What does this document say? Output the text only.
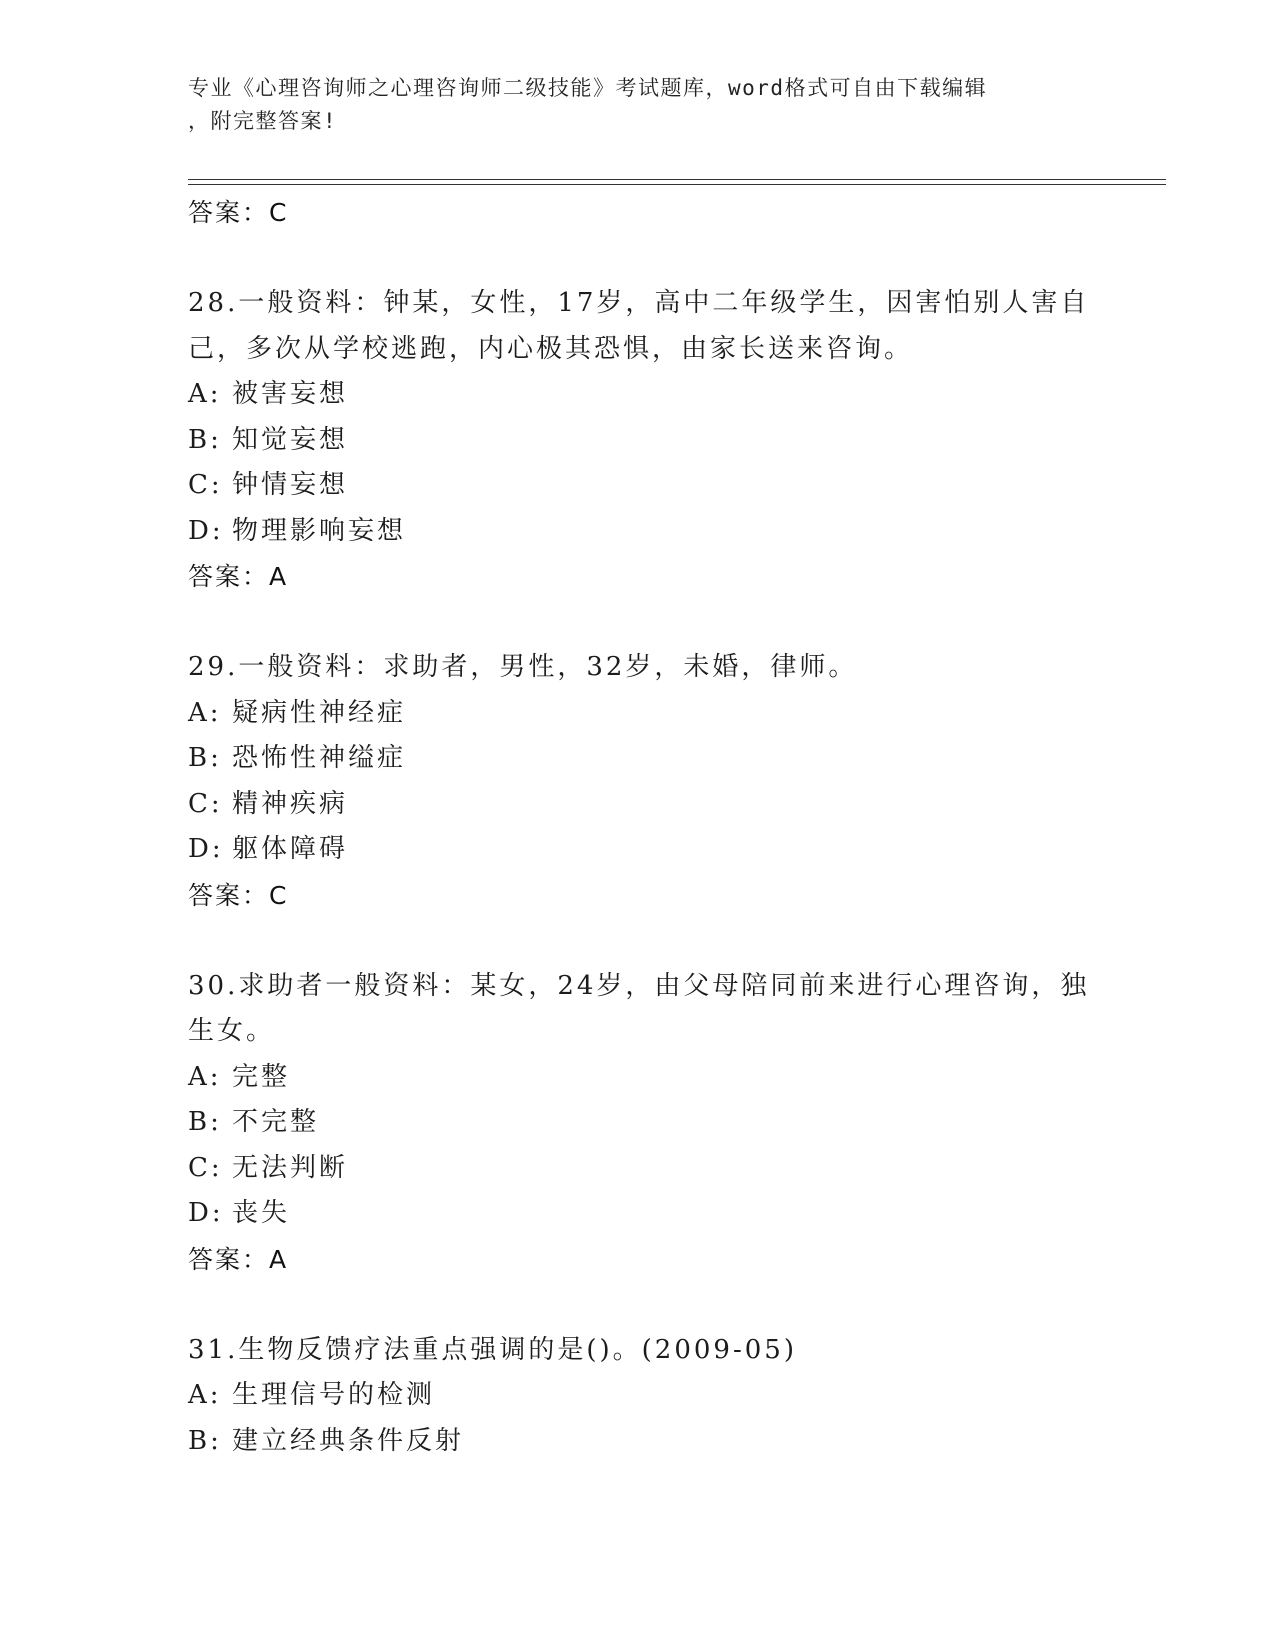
专业《心理咨询师之心理咨询师二级技能》考试题库，word格式可自由下载编辑
，附完整答案!
答案：C
28.一般资料：钟某，女性，17岁，高中二年级学生，因害怕别人害自
己，多次从学校逃跑，内心极其恐惧，由家长送来咨询。
A: 被害妄想
B: 知觉妄想
C: 钟情妄想
D: 物理影响妄想
答案：A
29.一般资料：求助者，男性，32岁，未婚，律师。
A: 疑病性神经症
B: 恐怖性神缢症
C: 精神疾病
D: 躯体障碍
答案：C
30.求助者一般资料：某女，24岁，由父母陪同前来进行心理咨询，独
生女。
A: 完整
B: 不完整
C: 无法判断
D: 丧失
答案：A
31.生物反馈疗法重点强调的是()。(2009-05)
A: 生理信号的检测
B: 建立经典条件反射
